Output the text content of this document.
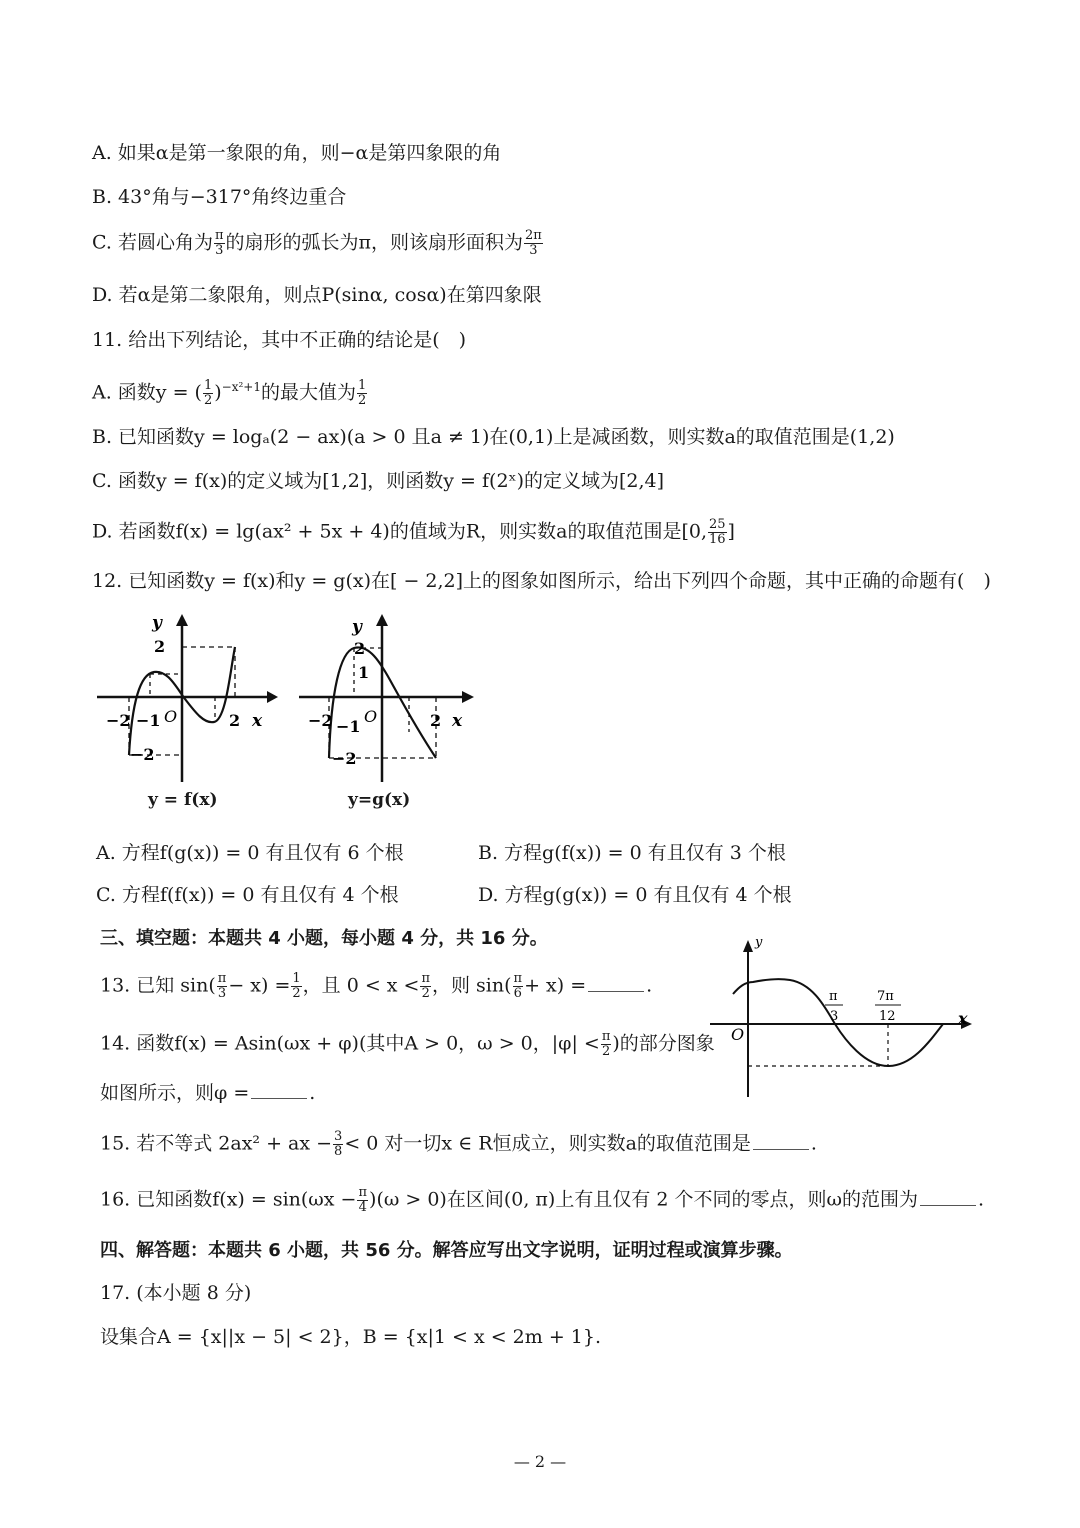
A. 如果α是第一象限的角，则−α是第四象限的角
B. 43°角与−317°角终边重合
C. 若圆心角为 $\frac{\pi}{3}$ 的扇形的弧长为π，则该扇形面积为 $\frac{2\pi}{3}$
D. 若α是第二象限角，则点P(sinα, cosα)在第四象限
11. 给出下列结论，其中不正确的结论是(　)
A. 函数y = ( $\frac{1}{2} )^{-x^2+1}$的最大值为 $\frac{1}{2}$
B. 已知函数y = logₐ(2 − ax)(a > 0 且a ≠ 1)在(0,1)上是减函数，则实数a的取值范围是(1,2)
C. 函数y = f(x)的定义域为[1,2]，则函数y = f(2ˣ)的定义域为[2,4]
D. 若函数f(x) = lg(ax² + 5x + 4)的值域为R，则实数a的取值范围是[0, $\frac{25}{16}$ ]
12. 已知函数y = f(x)和y = g(x)在[ − 2,2]上的图象如图所示，给出下列四个命题，其中正确的命题有(　)
y
2
x
O	2
−2 −1
−2
y = f(x)
y
2
1
x
O	2
−2 −1
−2
y=g(x)
A. 方程f(g(x)) = 0 有且仅有 6 个根	B. 方程g(f(x)) = 0 有且仅有 3 个根
C. 方程f(f(x)) = 0 有且仅有 4 个根	D. 方程g(g(x)) = 0 有且仅有 4 个根
三、填空题：本题共 4 小题，每小题 4 分，共 16 分。
13. 已知 $\sin( \frac{\pi}{3} - x) = \frac{1}{2}$ ，且 $0 < x < \frac{\pi}{2}$ ，则 $\sin( \frac{\pi}{6} + x)$ =	.
14. 函数f(x) = Asin(ωx + φ)(其中A > 0，ω > 0，$|\varphi| < \frac{\pi}{2}$ )的部分图象
如图所示，则φ =	.
y
x
O
π
3
7π
12
15. 若不等式 2ax² + ax − $\frac{3}{8} < 0$ 对一切x ∈ R恒成立，则实数a的取值范围是	.
16. 已知函数$f(x) = \sin(\omega x - \frac{\pi}{4} )(\omega > 0)$在区间(0, π)上有且仅有 2 个不同的零点，则ω的范围为	.
四、解答题：本题共 6 小题，共 56 分。解答应写出文字说明，证明过程或演算步骤。
17. (本小题 8 分)
设集合A = {x||x − 5| < 2}，B = {x|1 < x < 2m + 1}.
— 2 —
